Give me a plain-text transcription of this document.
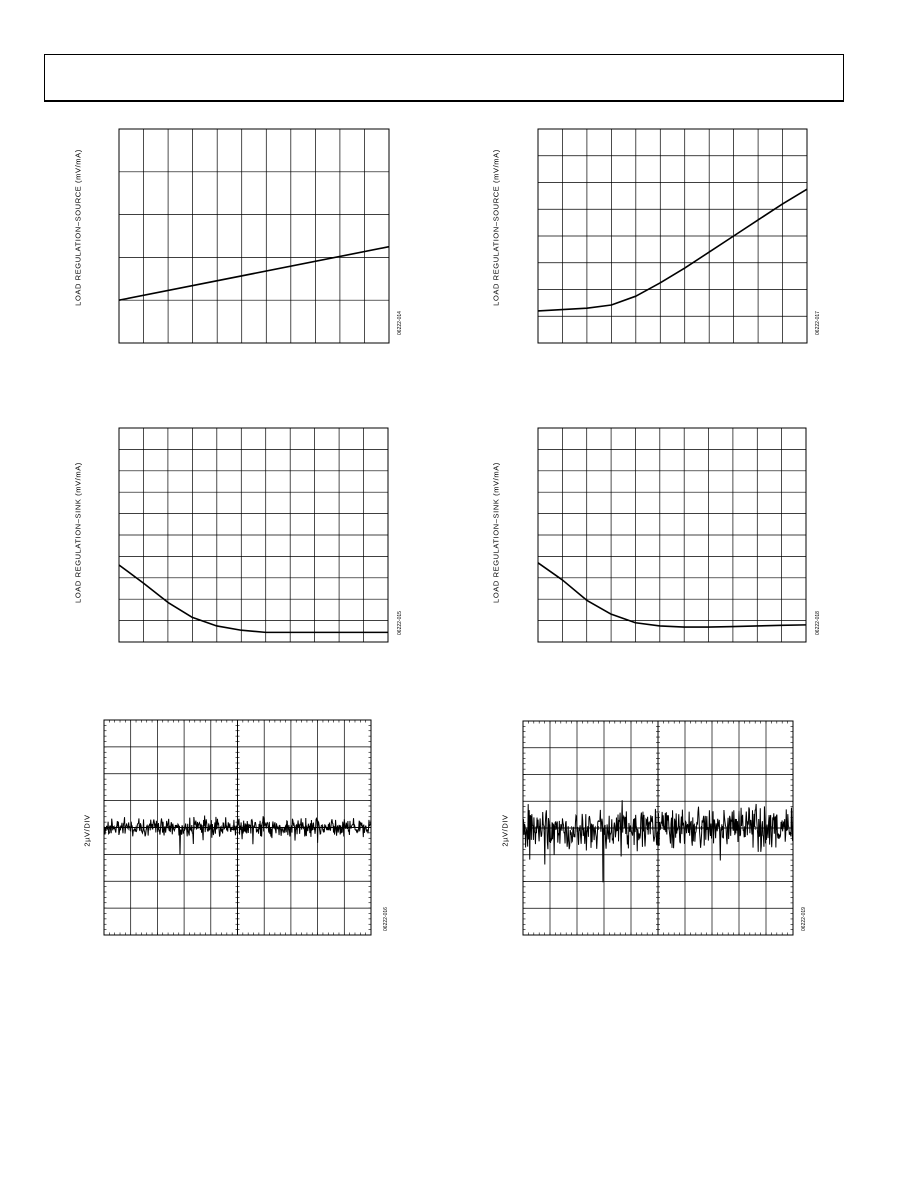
LOAD REGULATION–SOURCE (mV/mA)
06222-014
LOAD REGULATION–SOURCE (mV/mA)
06222-017
LOAD REGULATION–SINK (mV/mA)
06222-015
LOAD REGULATION–SINK (mV/mA)
06222-018
2µV/DIV
06222-016
2µV/DIV
06222-019
